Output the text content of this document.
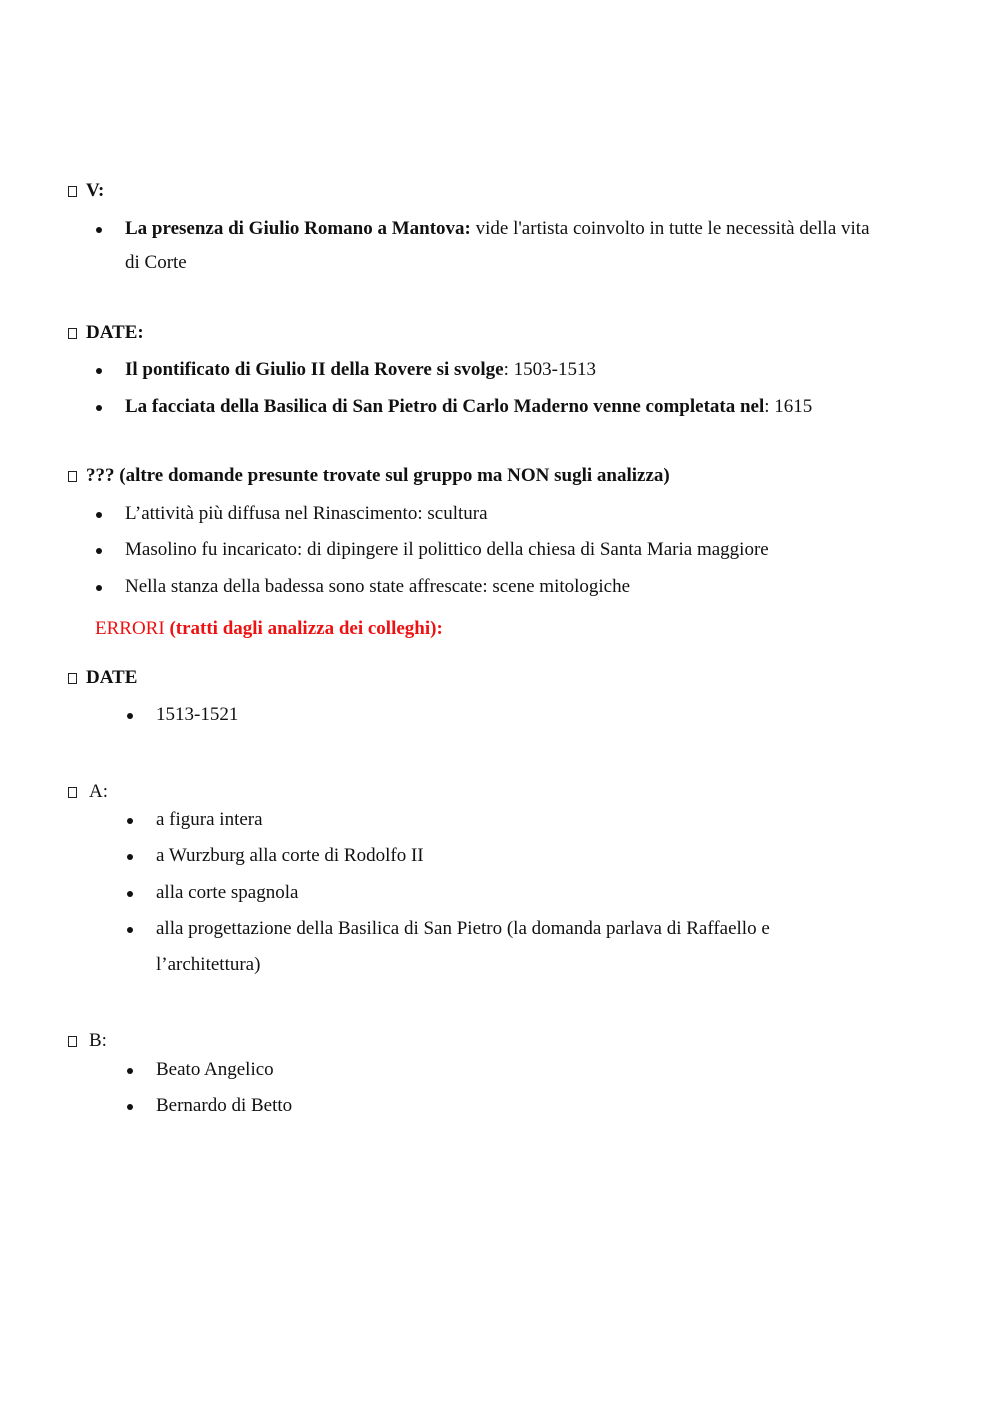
V:
La presenza di Giulio Romano a Mantova: vide l'artista coinvolto in tutte le necessità della vita
di Corte
DATE:
Il pontificato di Giulio II della Rovere si svolge: 1503-1513
La facciata della Basilica di San Pietro di Carlo Maderno venne completata nel: 1615
??? (altre domande presunte trovate sul gruppo ma NON sugli analizza)
L’attività più diffusa nel Rinascimento: scultura
Masolino fu incaricato: di dipingere il polittico della chiesa di Santa Maria maggiore
Nella stanza della badessa sono state affrescate: scene mitologiche
ERRORI (tratti dagli analizza dei colleghi):
DATE
1513-1521
A:
a figura intera
a Wurzburg alla corte di Rodolfo II
alla corte spagnola
alla progettazione della Basilica di San Pietro (la domanda parlava di Raffaello e
l’architettura)
B:
Beato Angelico
Bernardo di Betto
